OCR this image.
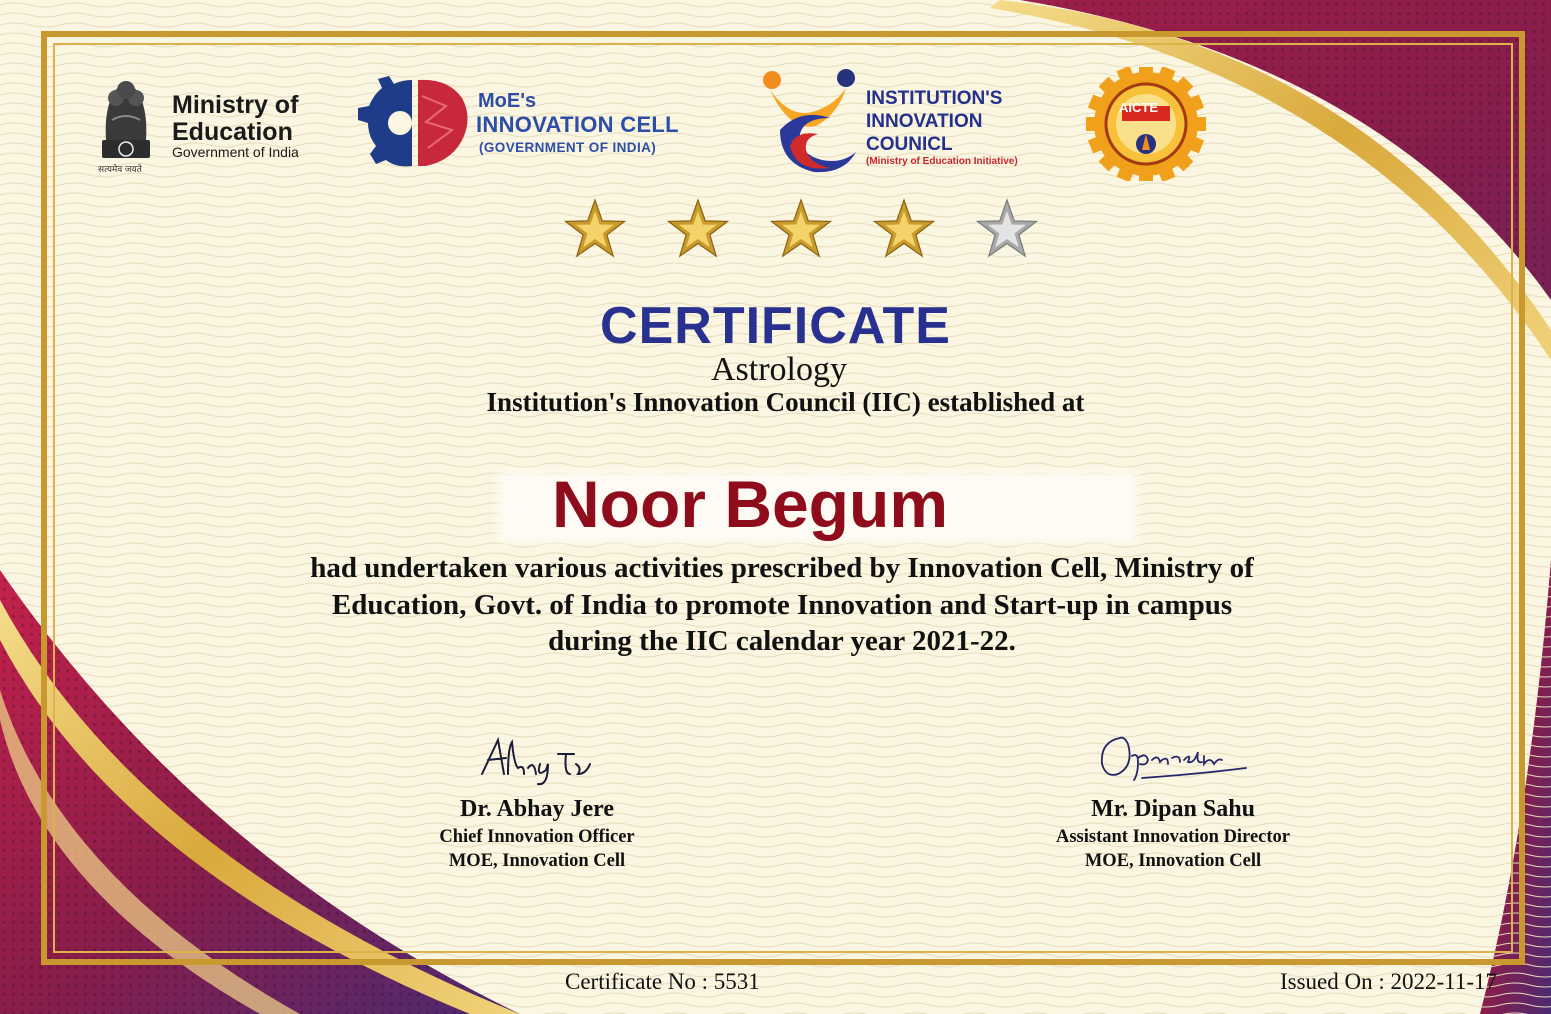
सत्यमेव जयते
Ministry of
Education
Government of India
MoE's
INNOVATION CELL
(GOVERNMENT OF INDIA)
INSTITUTION'S
INNOVATION
COUNICL
(Ministry of Education Initiative)
AICTE
CERTIFICATE
Astrology
Institution's Innovation Council (IIC) established at
Noor Begum
had undertaken various activities prescribed by Innovation Cell, Ministry of
Education, Govt. of India to promote Innovation and Start-up in campus
during the IIC calendar year 2021-22.
Dr. Abhay Jere
Chief Innovation Officer
MOE, Innovation Cell
Mr. Dipan Sahu
Assistant Innovation Director
MOE, Innovation Cell
Certificate No : 5531	Issued On : 2022-11-17
